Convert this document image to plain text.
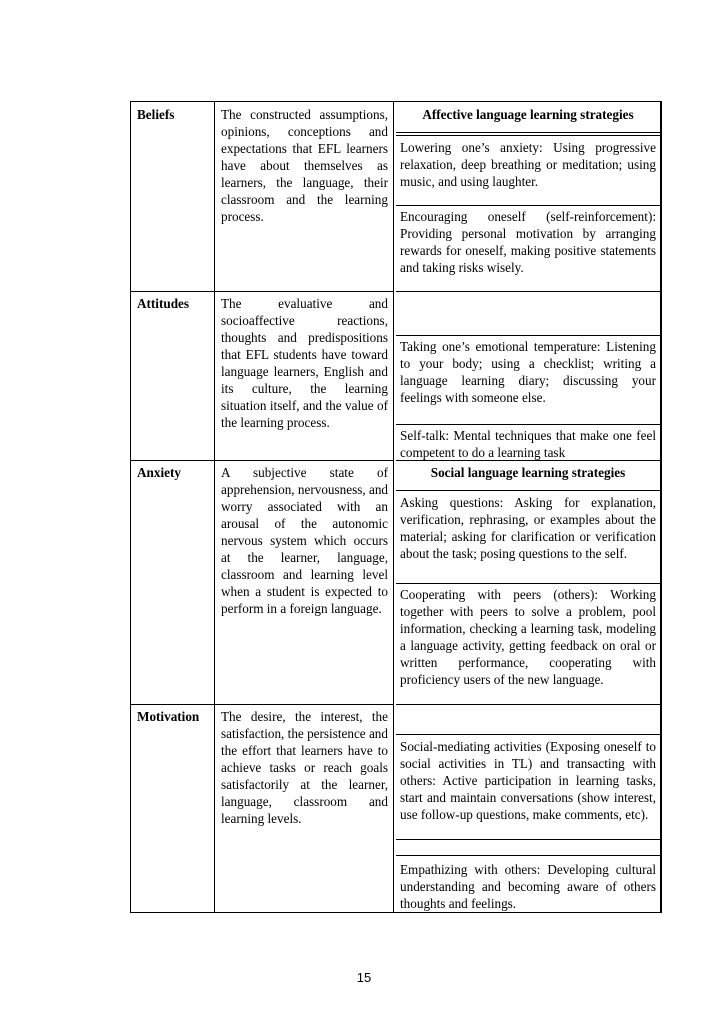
Beliefs
Attitudes
Anxiety
Motivation
The constructed assumptions, opinions, conceptions and expectations that EFL learners have about themselves as learners, the language, their classroom and the learning process.
The evaluative and socioaffective reactions, thoughts and predispositions that EFL students have toward language learners, English and its culture, the learning situation itself, and the value of the learning process.
A subjective state of apprehension, nervousness, and worry associated with an arousal of the autonomic nervous system which occurs at the learner, language, classroom and learning level when a student is expected to perform in a foreign language.
The desire, the interest, the satisfaction, the persistence and the effort that learners have to achieve tasks or reach goals satisfactorily at the learner, language, classroom and learning levels.
Affective language learning strategies
Lowering one’s anxiety: Using progressive relaxation, deep breathing or meditation; using music, and using laughter.
Encouraging oneself (self-reinforcement): Providing personal motivation by arranging rewards for oneself, making positive statements and taking risks wisely.
Taking one’s emotional temperature: Listening to your body; using a checklist; writing a language learning diary; discussing your feelings with someone else.
Self-talk: Mental techniques that make one feel competent to do a learning task
Social language learning strategies
Asking questions: Asking for explanation, verification, rephrasing, or examples about the material; asking for clarification or verification about the task; posing questions to the self.
Cooperating with peers (others): Working together with peers to solve a problem, pool information, checking a learning task, modeling a language activity, getting feedback on oral or written performance, cooperating with proficiency users of the new language.
Social-mediating activities (Exposing oneself to social activities in TL) and transacting with others: Active participation in learning tasks, start and maintain conversations (show interest, use follow-up questions, make comments, etc).
Empathizing with others: Developing cultural understanding and becoming aware of others thoughts and feelings.
15
